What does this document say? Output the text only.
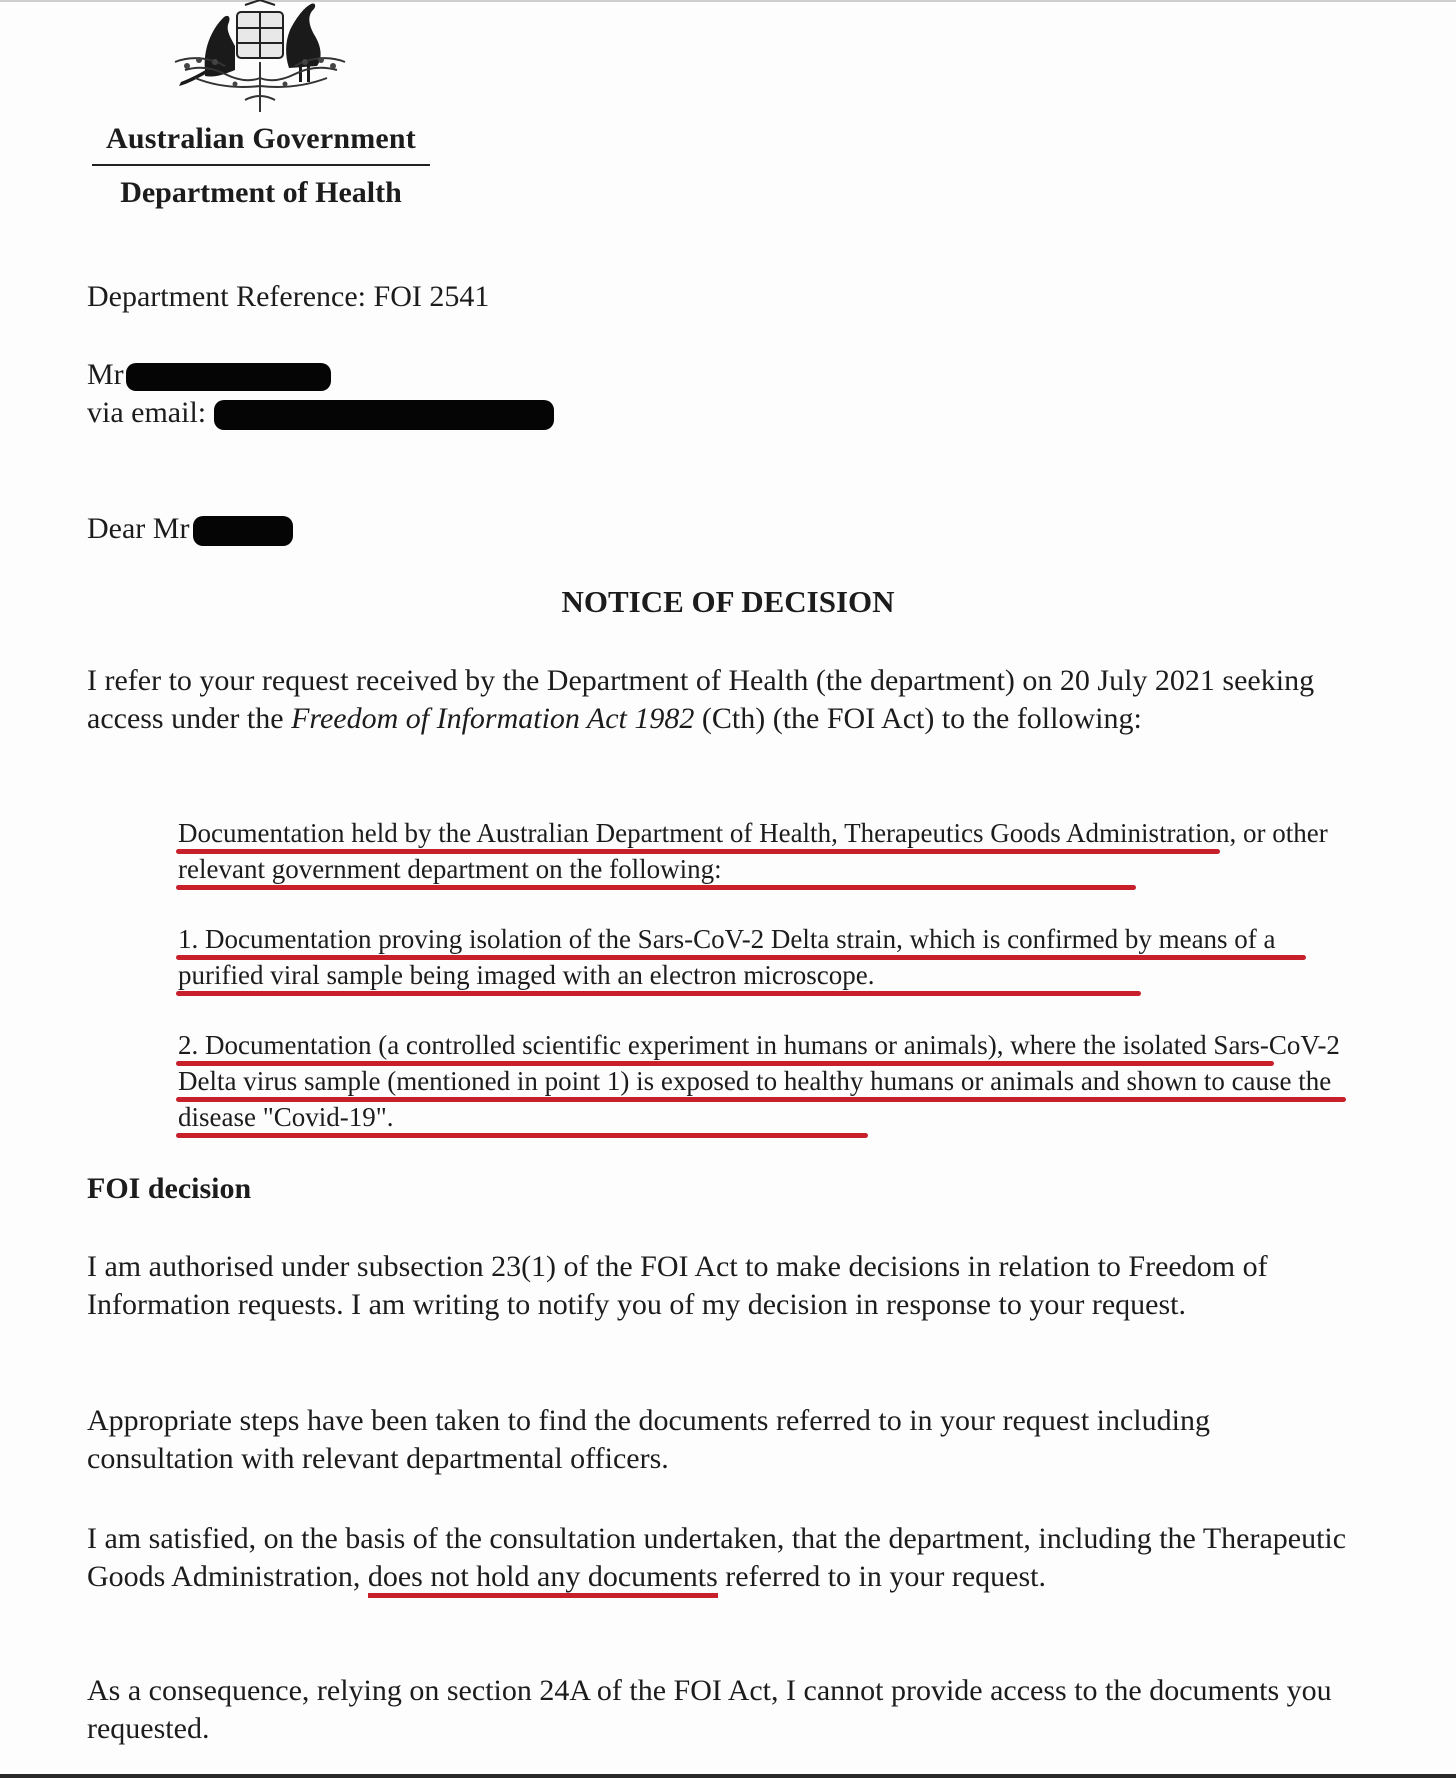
Australian Government
Department of Health
Department Reference: FOI 2541
Mr
via email:
Dear Mr
NOTICE OF DECISION

I refer to your request received by the Department of Health (the department) on 20 July 2021 seeking access under the Freedom of Information Act 1982 (Cth) (the FOI Act) to the following:

Documentation held by the Australian Department of Health, Therapeutics Goods Administration, or other relevant government department on the following:

1. Documentation proving isolation of the Sars-CoV-2 Delta strain, which is confirmed by means of a purified viral sample being imaged with an electron microscope.

2. Documentation (a controlled scientific experiment in humans or animals), where the isolated Sars-CoV-2 Delta virus sample (mentioned in point 1) is exposed to healthy humans or animals and shown to cause the disease "Covid-19".

FOI decision

I am authorised under subsection 23(1) of the FOI Act to make decisions in relation to Freedom of Information requests. I am writing to notify you of my decision in response to your request.

Appropriate steps have been taken to find the documents referred to in your request including consultation with relevant departmental officers.

I am satisfied, on the basis of the consultation undertaken, that the department, including the Therapeutic Goods Administration, does not hold any documents referred to in your request.

As a consequence, relying on section 24A of the FOI Act, I cannot provide access to the documents you requested.
